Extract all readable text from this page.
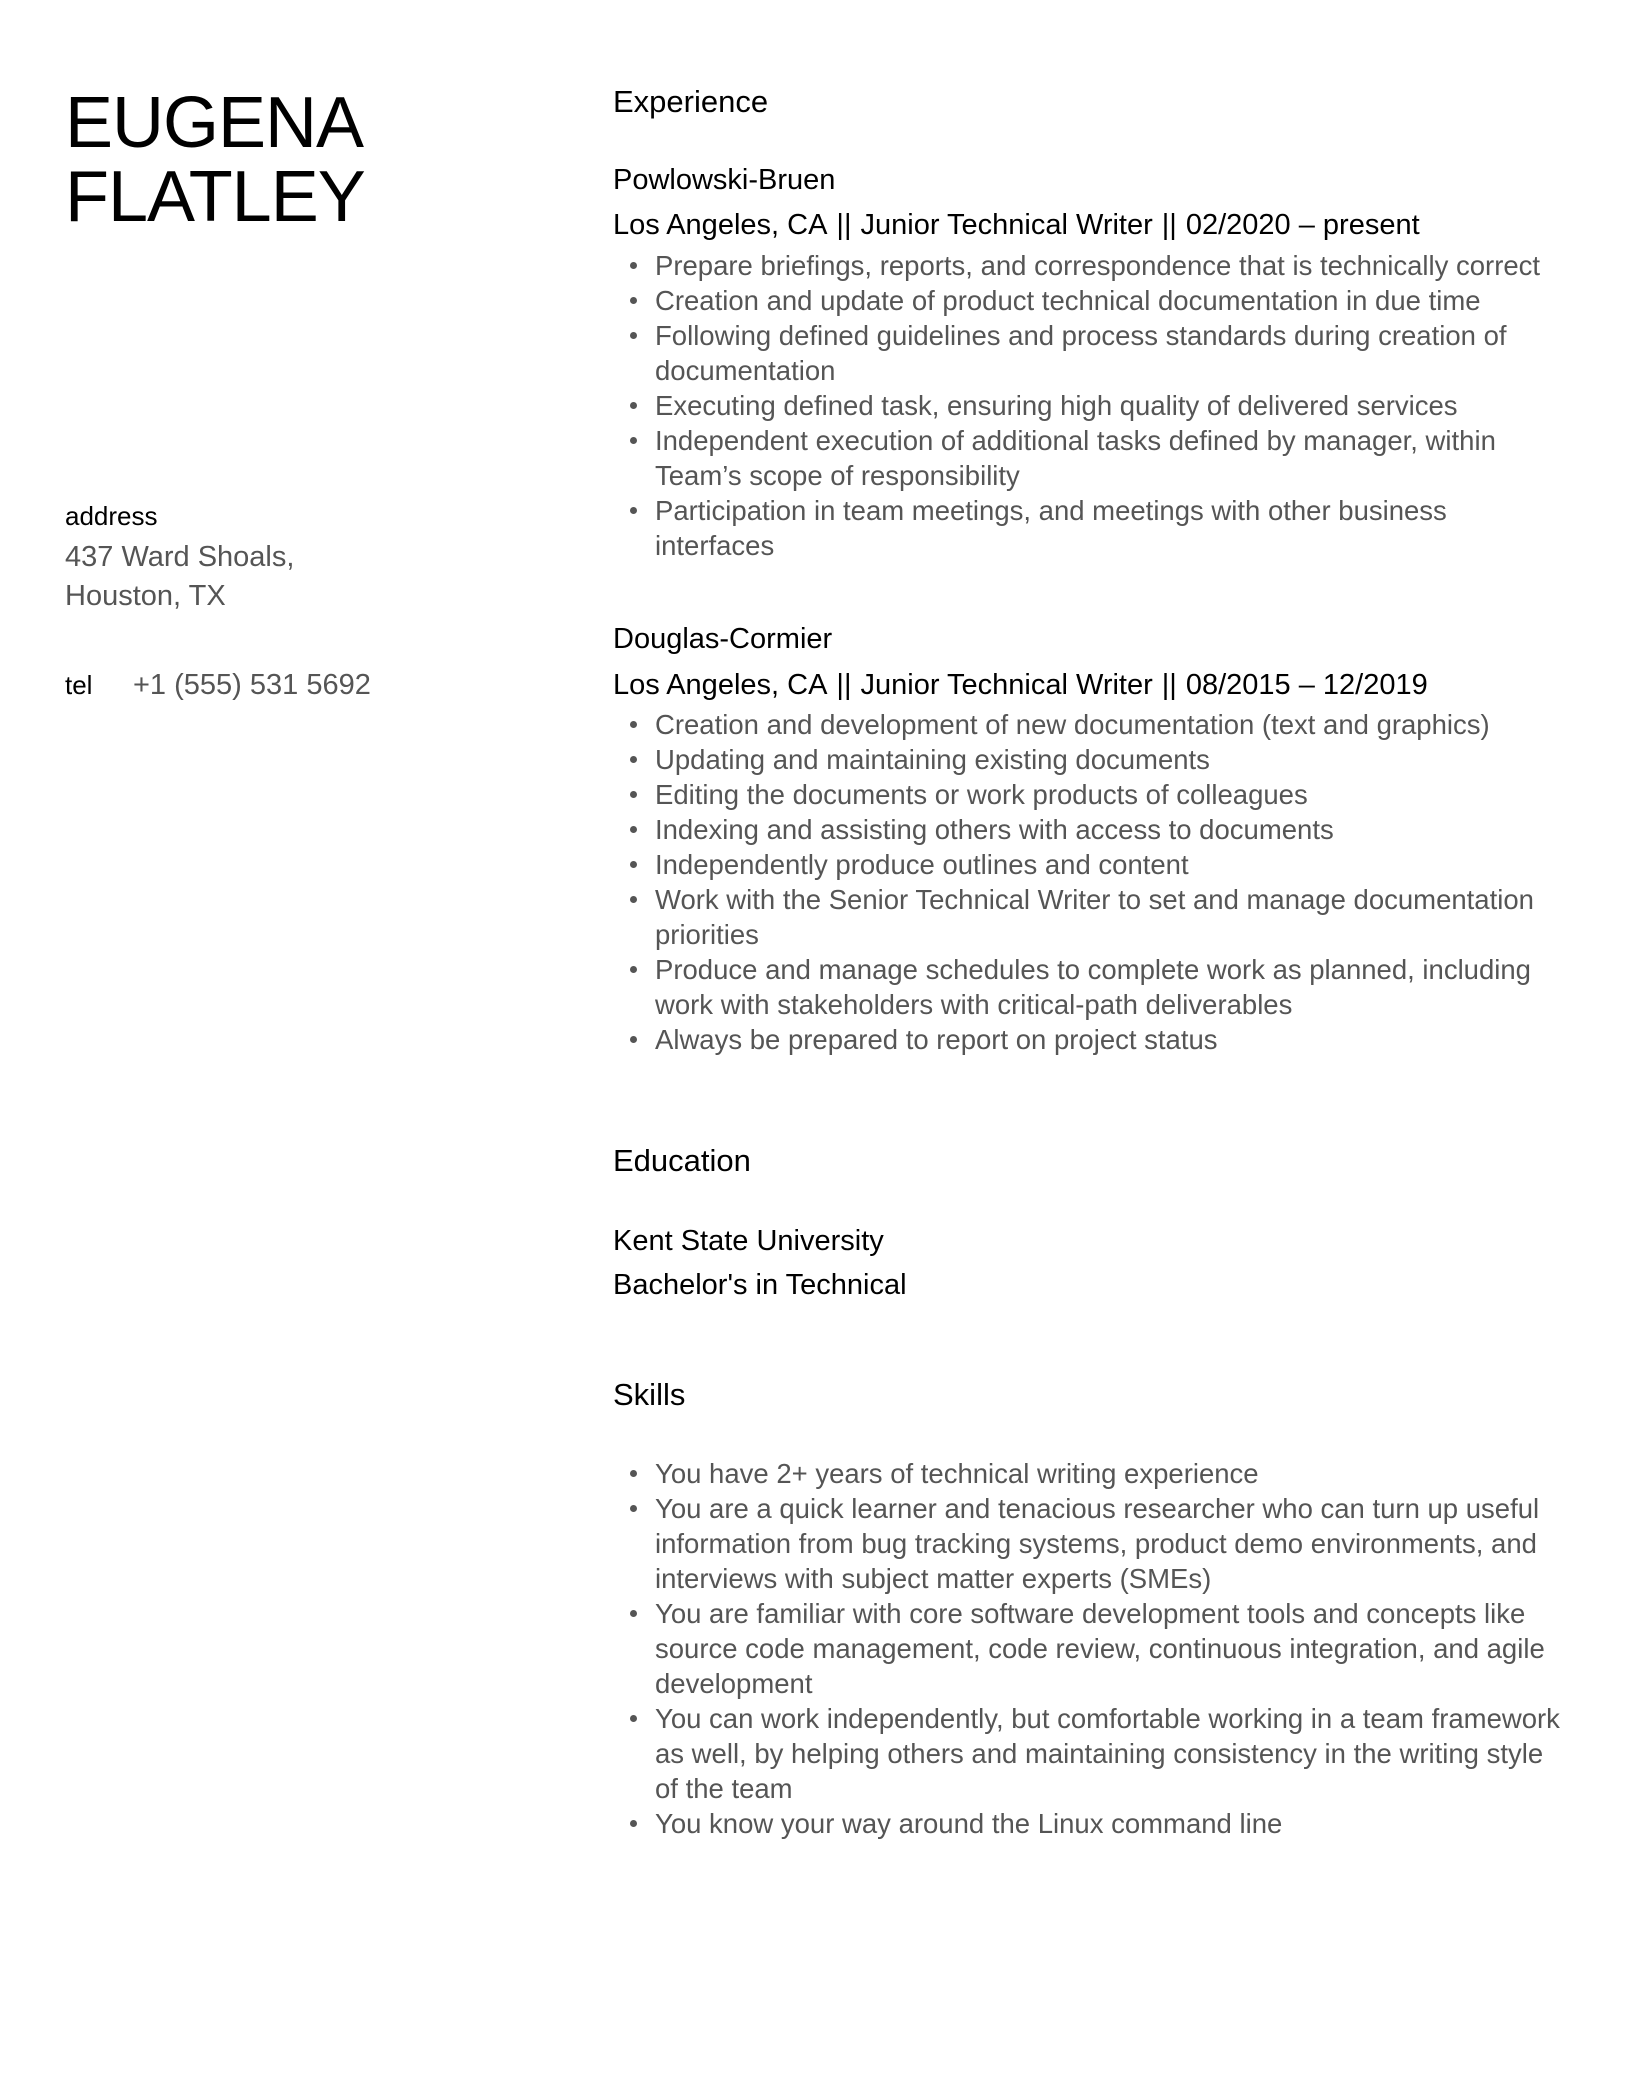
EUGENA
FLATLEY
address
437 Ward Shoals,
Houston, TX
tel	+1 (555) 531 5692
Experience
Powlowski-Bruen
Los Angeles, CA || Junior Technical Writer || 02/2020 – present
Prepare briefings, reports, and correspondence that is technically correct
Creation and update of product technical documentation in due time
Following defined guidelines and process standards during creation of documentation
Executing defined task, ensuring high quality of delivered services
Independent execution of additional tasks defined by manager, within Team’s scope of responsibility
Participation in team meetings, and meetings with other business interfaces
Douglas-Cormier
Los Angeles, CA || Junior Technical Writer || 08/2015 – 12/2019
Creation and development of new documentation (text and graphics)
Updating and maintaining existing documents
Editing the documents or work products of colleagues
Indexing and assisting others with access to documents
Independently produce outlines and content
Work with the Senior Technical Writer to set and manage documentation priorities
Produce and manage schedules to complete work as planned, including work with stakeholders with critical-path deliverables
Always be prepared to report on project status
Education
Kent State University
Bachelor's in Technical
Skills
You have 2+ years of technical writing experience
You are a quick learner and tenacious researcher who can turn up useful information from bug tracking systems, product demo environments, and interviews with subject matter experts (SMEs)
You are familiar with core software development tools and concepts like source code management, code review, continuous integration, and agile development
You can work independently, but comfortable working in a team framework as well, by helping others and maintaining consistency in the writing style of the team
You know your way around the Linux command line
